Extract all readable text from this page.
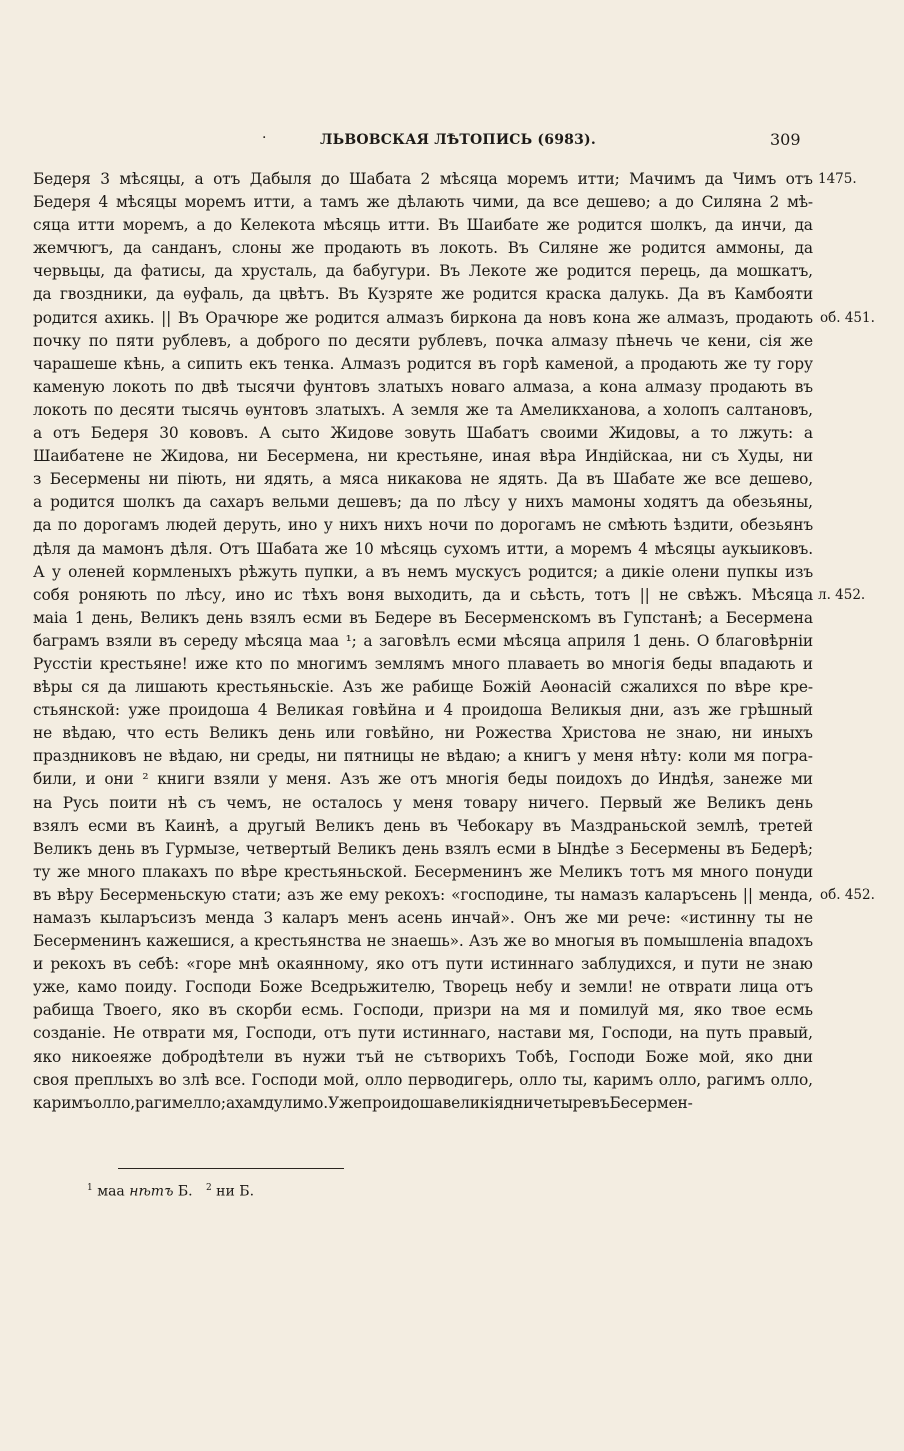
·	ЛЬВОВСКАЯ ЛѢТОПИСЬ (6983).	309
Бедеря 3 мѣсяцы, а отъ Дабыля до Шабата 2 мѣсяца моремъ итти; Мачимъ да Чимъ отъ
Бедеря 4 мѣсяцы моремъ итти, а тамъ же дѣлають чими, да все дешево; а до Силяна 2 мѣ-
сяца итти моремъ, а до Келекота мѣсяць итти. Въ Шаибате же родится шолкъ, да инчи, да
жемчюгъ, да санданъ, слоны же продають въ локоть. Въ Силяне же родится аммоны, да
червьцы, да фатисы, да хрусталь, да бабугури. Въ Лекоте же родится перець, да мошкатъ,
да гвоздники, да ѳуфаль, да цвѣтъ. Въ Кузряте же родится краска далукь. Да въ Камбояти
родится ахикь. || Въ Орачюре же родится алмазъ биркона да новъ кона же алмазъ, продають
почку по пяти рублевъ, а доброго по десяти рублевъ, почка алмазу пѣнечь че кени, сія же
чарашеше кѣнь, а сипить екъ тенка. Алмазъ родится въ горѣ каменой, а продають же ту гору
каменую локоть по двѣ тысячи фунтовъ златыхъ новаго алмаза, а кона алмазу продають въ
локоть по десяти тысячь ѳунтовъ златыхъ. А земля же та Амеликханова, а холопъ салтановъ,
а отъ Бедеря 30 кововъ. А сыто Жидове зовуть Шабатъ своими Жидовы, а то лжуть: а
Шаибатене не Жидова, ни Бесермена, ни крестьяне, иная вѣра Индійскаа, ни съ Худы, ни
з Бесермены ни піють, ни ядять, а мяса никакова не ядять. Да въ Шабате же все дешево,
а родится шолкъ да сахаръ вельми дешевъ; да по лѣсу у нихъ мамоны ходятъ да обезьяны,
да по дорогамъ людей деруть, ино у нихъ нихъ ночи по дорогамъ не смѣють ѣздити, обезьянъ
дѣля да мамонъ дѣля. Отъ Шабата же 10 мѣсяць сухомъ итти, а моремъ 4 мѣсяцы аукыиковъ.
А у оленей кормленыхъ рѣжуть пупки, а въ немъ мускусъ родится; а дикіе олени пупкы изъ
собя роняють по лѣсу, ино ис тѣхъ воня выходить, да и сьѣсть, тотъ || не свѣжъ. Мѣсяца
маіа 1 день, Великъ день взялъ есми въ Бедере въ Бесерменскомъ въ Гупстанѣ; а Бесермена
баграмъ взяли въ середу мѣсяца маа ¹; а заговѣлъ есми мѣсяца априля 1 день. О благовѣрніи
Русстіи крестьяне! иже кто по многимъ землямъ много плаваеть во многія беды впадають и
вѣры ся да лишають крестьяньскіе. Азъ же рабище Божій Аѳонасій сжалихся по вѣре кре-
стьянской: уже проидоша 4 Великая говѣйна и 4 проидоша Великыя дни, азъ же грѣшный
не вѣдаю, что есть Великъ день или говѣйно, ни Рожества Христова не знаю, ни иныхъ
праздниковъ не вѣдаю, ни среды, ни пятницы не вѣдаю; а книгъ у меня нѣту: коли мя погра-
били, и они ² книги взяли у меня. Азъ же отъ многія беды поидохъ до Индѣя, занеже ми
на Русь поити нѣ съ чемъ, не осталось у меня товару ничего. Первый же Великъ день
взялъ есми въ Каинѣ, а другый Великъ день въ Чебокару въ Маздраньской землѣ, третей
Великъ день въ Гурмызе, четвертый Великъ день взялъ есми в Ындѣе з Бесермены въ Бедерѣ;
ту же много плакахъ по вѣре крестьяньской. Бесерменинъ же Меликъ тотъ мя много понуди
въ вѣру Бесерменьскую стати; азъ же ему рекохъ: «господине, ты намазъ каларъсень || менда,
намазъ кыларъсизъ менда 3 каларъ менъ асень инчай». Онъ же ми рече: «истинну ты не
Бесерменинъ кажешися, а крестьянства не знаешь». Азъ же во многыя въ помышленіа впадохъ
и рекохъ въ себѣ: «горе мнѣ окаянному, яко отъ пути истиннаго заблудихся, и пути не знаю
уже, камо поиду. Господи Боже Вседрьжителю, Творець небу и земли! не отврати лица отъ
рабища Твоего, яко въ скорби есмь. Господи, призри на мя и помилуй мя, яко твое есмь
созданіе. Не отврати мя, Господи, отъ пути истиннаго, настави мя, Господи, на путь правый,
яко никоеяже добродѣтели въ нужи тъй не сътворихъ Тобѣ, Господи Боже мой, яко дни
своя преплыхъ во злѣ все. Господи мой, олло перводигерь, олло ты, каримъ олло, рагимъ олло,
каримъ олло, рагим елло; ахамду лимо. Уже проидоша великія дни четыре въ Бесермен-
$^1$ маа нѣтъ Б. $^2$ ни Б.
1475.
об. 451.
л. 452.
об. 452.
